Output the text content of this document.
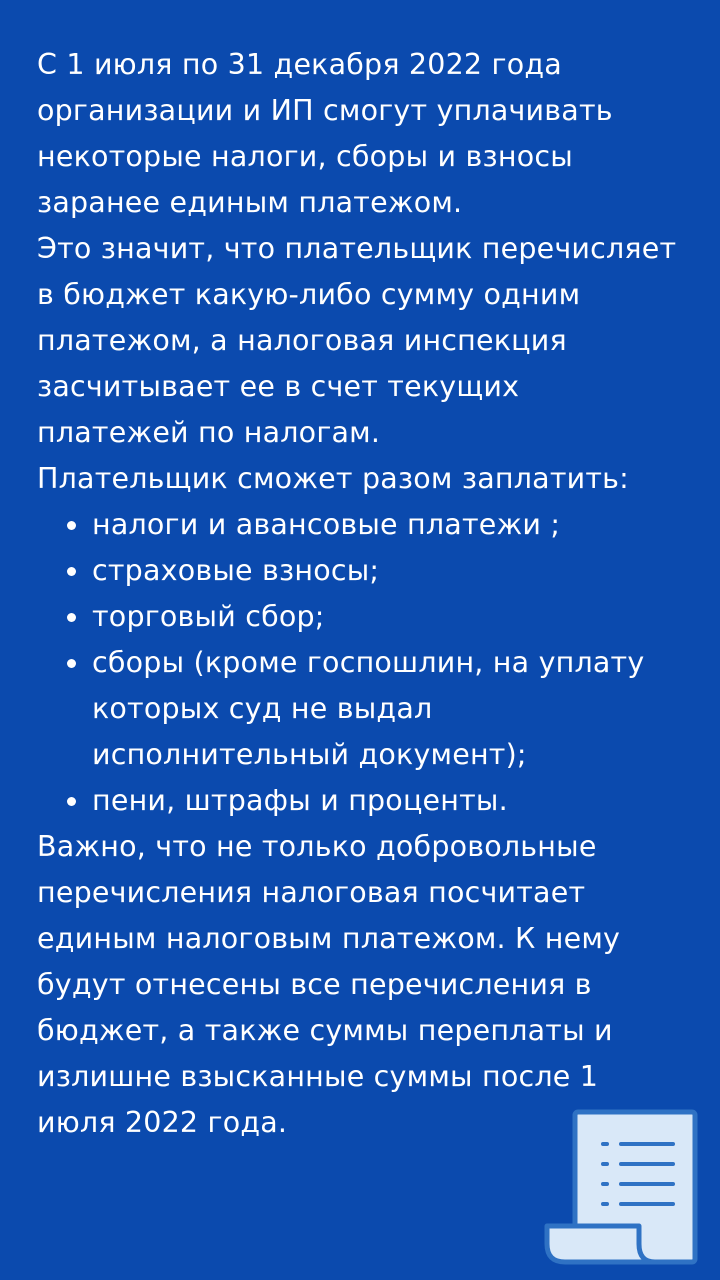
С 1 июля по 31 декабря 2022 года организации и ИП смогут уплачивать некоторые налоги, сборы и взносы заранее единым платежом.

Это значит, что плательщик перечисляет в бюджет какую-либо сумму одним платежом, а налоговая инспекция засчитывает ее в счет текущих платежей по налогам.

Плательщик сможет разом заплатить:

налоги и авансовые платежи ;
страховые взносы;
торговый сбор;
сборы (кроме госпошлин, на уплату которых суд не выдал исполнительный документ);
пени, штрафы и проценты.

Важно, что не только добровольные перечисления налоговая посчитает единым налоговым платежом. К нему будут отнесены все перечисления в бюджет, а также суммы переплаты и излишне взысканные суммы после 1 июля 2022 года.
